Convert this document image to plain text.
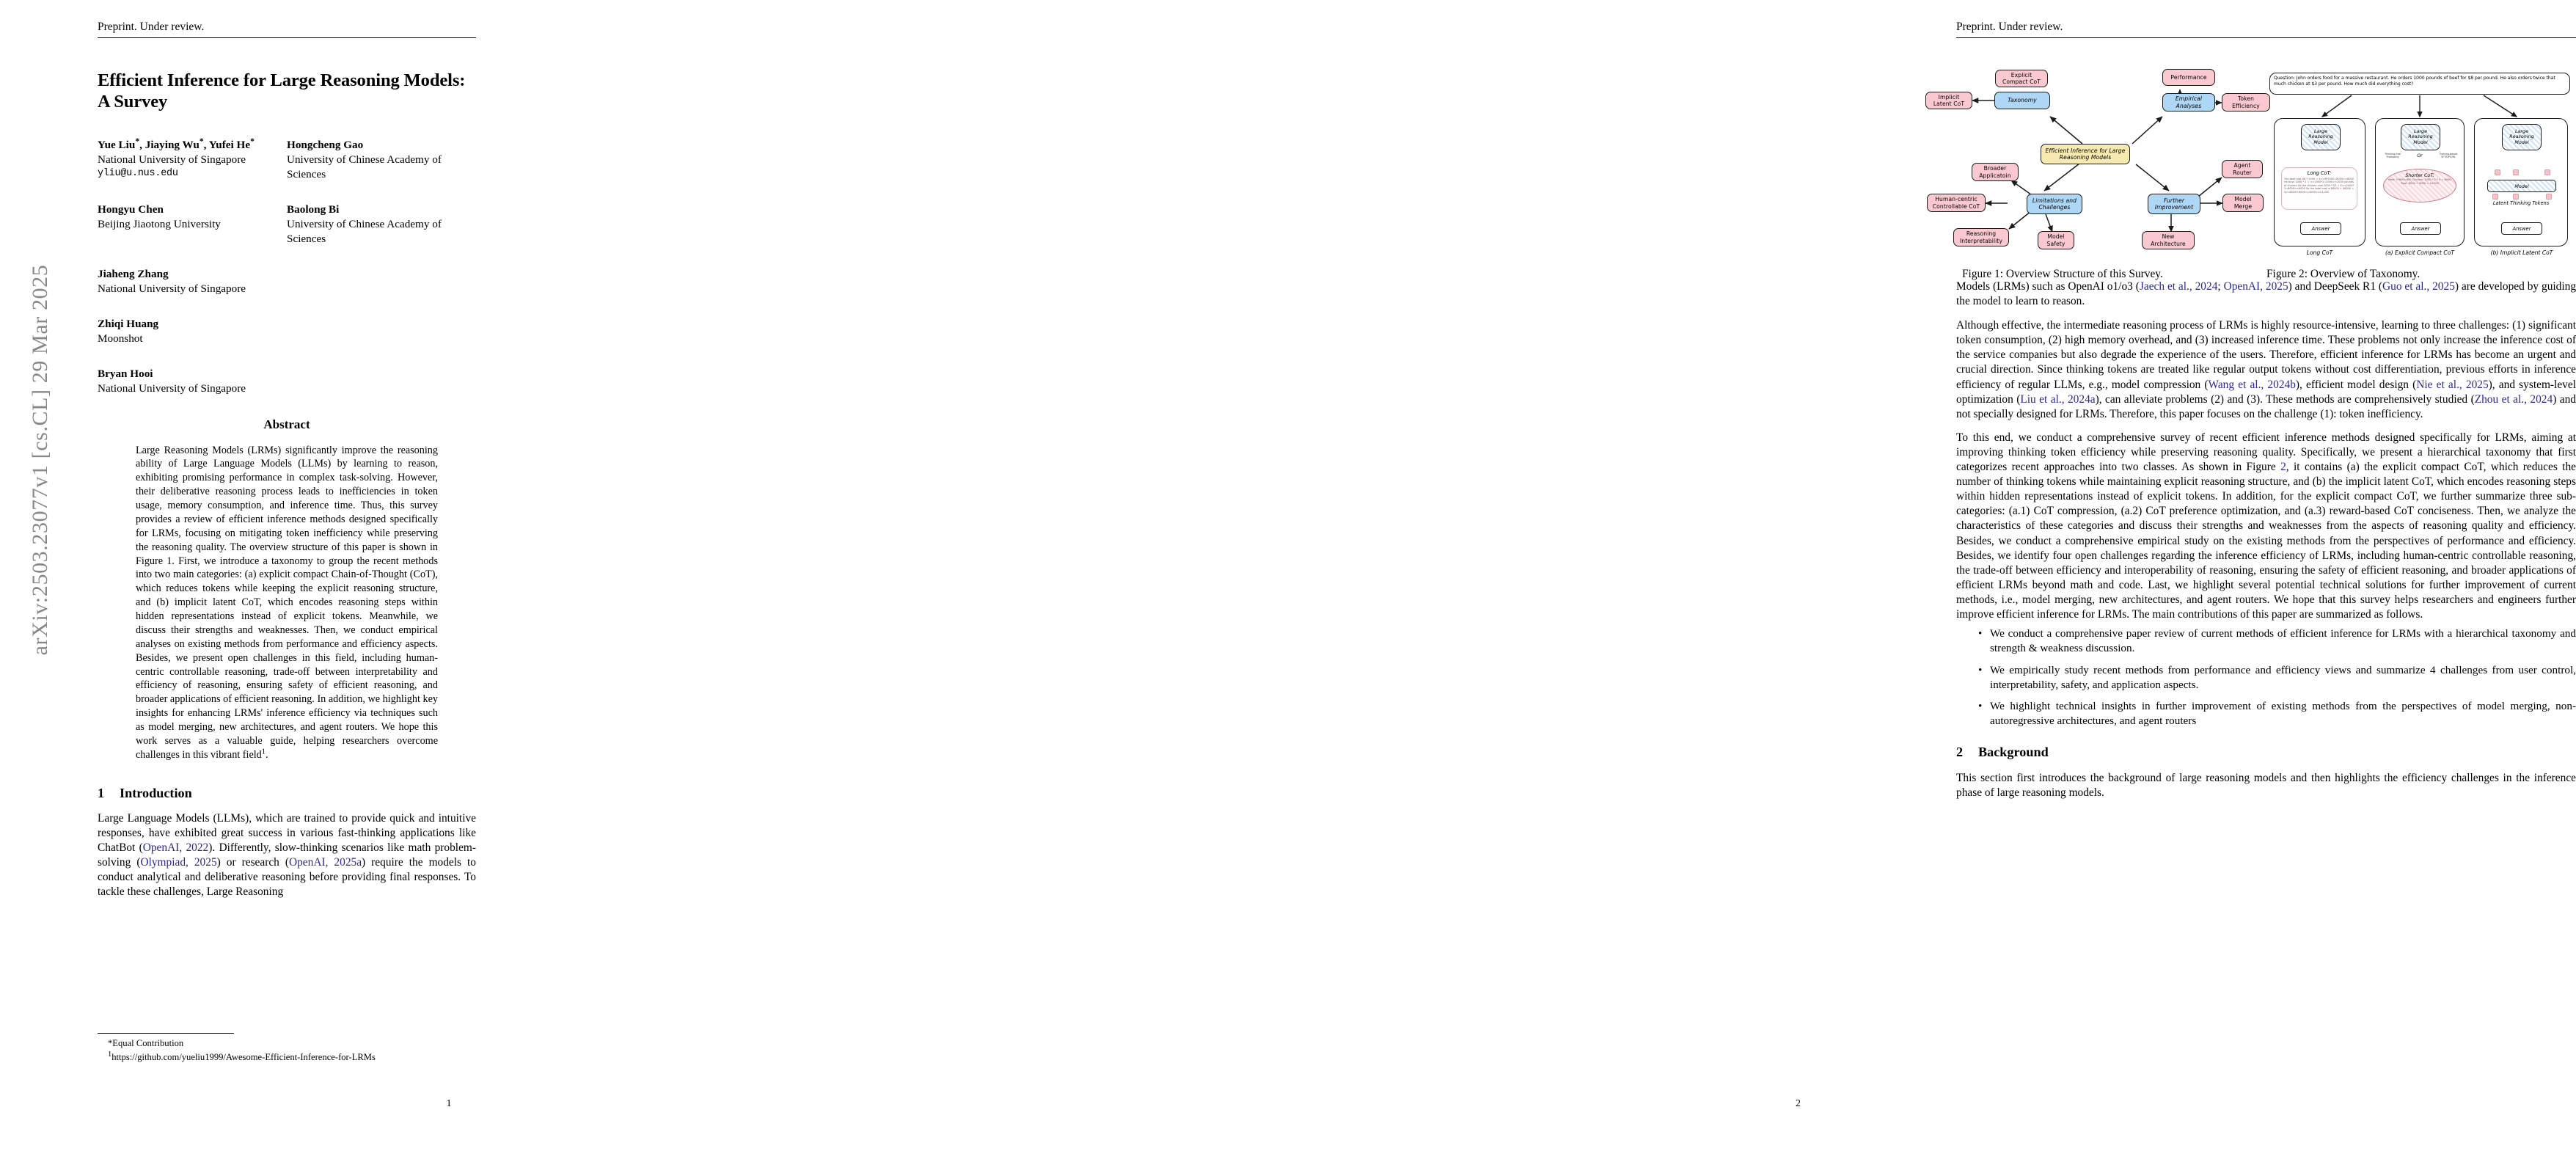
arXiv:2503.23077v1 [cs.CL] 29 Mar 2025
Preprint. Under review.
Efficient Inference for Large Reasoning Models: A Survey
Yue Liu*, Jiaying Wu*, Yufei He*
National University of Singapore
yliu@u.nus.edu
Hongcheng Gao
University of Chinese Academy of Sciences
Hongyu Chen
Beijing Jiaotong University
Baolong Bi
University of Chinese Academy of Sciences
Jiaheng Zhang
National University of Singapore
Zhiqi Huang
Moonshot
Bryan Hooi
National University of Singapore
Abstract
Large Reasoning Models (LRMs) significantly improve the reasoning ability of Large Language Models (LLMs) by learning to reason, exhibiting promising performance in complex task-solving. However, their deliberative reasoning process leads to inefficiencies in token usage, memory consumption, and inference time. Thus, this survey provides a review of efficient inference methods designed specifically for LRMs, focusing on mitigating token inefficiency while preserving the reasoning quality. The overview structure of this paper is shown in Figure 1. First, we introduce a taxonomy to group the recent methods into two main categories: (a) explicit compact Chain-of-Thought (CoT), which reduces tokens while keeping the explicit reasoning structure, and (b) implicit latent CoT, which encodes reasoning steps within hidden representations instead of explicit tokens. Meanwhile, we discuss their strengths and weaknesses. Then, we conduct empirical analyses on existing methods from performance and efficiency aspects. Besides, we present open challenges in this field, including human-centric controllable reasoning, trade-off between interpretability and efficiency of reasoning, ensuring safety of efficient reasoning, and broader applications of efficient reasoning. In addition, we highlight key insights for enhancing LRMs' inference efficiency via techniques such as model merging, new architectures, and agent routers. We hope this work serves as a valuable guide, helping researchers overcome challenges in this vibrant field$^1$.
1 Introduction

Large Language Models (LLMs), which are trained to provide quick and intuitive responses, have exhibited great success in various fast-thinking applications like ChatBot (OpenAI, 2022). Differently, slow-thinking scenarios like math problem-solving (Olympiad, 2025) or research (OpenAI, 2025a) require the models to conduct analytical and deliberative reasoning before providing final responses. To tackle these challenges, Large Reasoning

*Equal Contribution
$^1$https://github.com/yueliu1999/Awesome-Efficient-Inference-for-LRMs
1
Preprint. Under review.
Efficient Inference for Large Reasoning Models
Taxonomy
Explicit Compact CoT
Implicit Latent CoT
Empirical Analyses
Performance
Token Efficiency
Limitations and Challenges
Broader Applicatoin
Human-centric Controllable CoT
Reasoning Interpretability
Model Safety
Further Improvement
Agent Router
Model Merge
New Architecture
Question: John orders food for a massive restaurant. He orders 1000 pounds of beef for $8 per pound. He also orders twice that much chicken at $3 per pound. How much did everything cost?
Large Reasoning Model
Large Reasoning Model
Large Reasoning Model
Long CoT:
The beef cost $8 * 1000 = $<<8*1000=8000>>8000 He buys 1000 * 2 = <<1000*2=2000>>2000 pounds of chicken So the chicken cost 2000 * $3 = $<<2000*3=6000>>6000 So the total cost is $8000 + $6000 = $<<8000+6000=14000>>14,000
Thinking-free Prompting	Or	Training-based SFT/DPO/RL
Shorter CoT:
Beef: 1*800=800 Chicken: 1000 * 2 * 3 = 6000 Total: 8000 + 6000 = 14,000	Model
Latent Thinking Tokens
Answer	Answer	Answer
Long CoT	(a) Explicit Compact CoT	(b) Implicit Latent CoT
Figure 1: Overview Structure of this Survey.	Figure 2: Overview of Taxonomy.

Models (LRMs) such as OpenAI o1/o3 (Jaech et al., 2024; OpenAI, 2025) and DeepSeek R1 (Guo et al., 2025) are developed by guiding the model to learn to reason.

Although effective, the intermediate reasoning process of LRMs is highly resource-intensive, learning to three challenges: (1) significant token consumption, (2) high memory overhead, and (3) increased inference time. These problems not only increase the inference cost of the service companies but also degrade the experience of the users. Therefore, efficient inference for LRMs has become an urgent and crucial direction. Since thinking tokens are treated like regular output tokens without cost differentiation, previous efforts in inference efficiency of regular LLMs, e.g., model compression (Wang et al., 2024b), efficient model design (Nie et al., 2025), and system-level optimization (Liu et al., 2024a), can alleviate problems (2) and (3). These methods are comprehensively studied (Zhou et al., 2024) and not specially designed for LRMs. Therefore, this paper focuses on the challenge (1): token inefficiency.

To this end, we conduct a comprehensive survey of recent efficient inference methods designed specifically for LRMs, aiming at improving thinking token efficiency while preserving reasoning quality. Specifically, we present a hierarchical taxonomy that first categorizes recent approaches into two classes. As shown in Figure 2, it contains (a) the explicit compact CoT, which reduces the number of thinking tokens while maintaining explicit reasoning structure, and (b) the implicit latent CoT, which encodes reasoning steps within hidden representations instead of explicit tokens. In addition, for the explicit compact CoT, we further summarize three sub-categories: (a.1) CoT compression, (a.2) CoT preference optimization, and (a.3) reward-based CoT conciseness. Then, we analyze the characteristics of these categories and discuss their strengths and weaknesses from the aspects of reasoning quality and efficiency. Besides, we conduct a comprehensive empirical study on the existing methods from the perspectives of performance and efficiency. Besides, we identify four open challenges regarding the inference efficiency of LRMs, including human-centric controllable reasoning, the trade-off between efficiency and interoperability of reasoning, ensuring the safety of efficient reasoning, and broader applications of efficient LRMs beyond math and code. Last, we highlight several potential technical solutions for further improvement of current methods, i.e., model merging, new architectures, and agent routers. We hope that this survey helps researchers and engineers further improve efficient inference for LRMs. The main contributions of this paper are summarized as follows.

• We conduct a comprehensive paper review of current methods of efficient inference for LRMs with a hierarchical taxonomy and strength & weakness discussion.
• We empirically study recent methods from performance and efficiency views and summarize 4 challenges from user control, interpretability, safety, and application aspects.
• We highlight technical insights in further improvement of existing methods from the perspectives of model merging, non-autoregressive architectures, and agent routers
2 Background

This section first introduces the background of large reasoning models and then highlights the efficiency challenges in the inference phase of large reasoning models.

2
